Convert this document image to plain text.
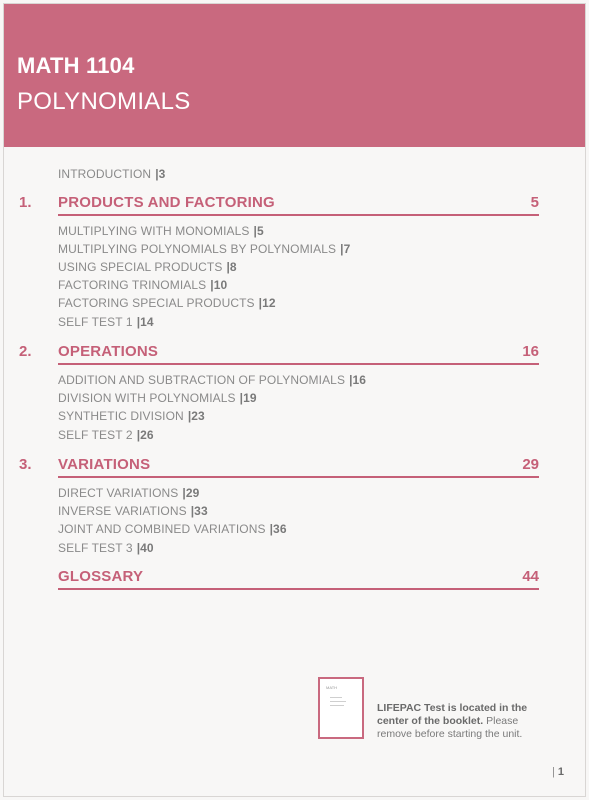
MATH 1104
POLYNOMIALS
INTRODUCTION |3
1. PRODUCTS AND FACTORING	5
MULTIPLYING WITH MONOMIALS |5
MULTIPLYING POLYNOMIALS BY POLYNOMIALS |7
USING SPECIAL PRODUCTS |8
FACTORING TRINOMIALS |10
FACTORING SPECIAL PRODUCTS |12
SELF TEST 1 |14
2. OPERATIONS	16
ADDITION AND SUBTRACTION OF POLYNOMIALS |16
DIVISION WITH POLYNOMIALS |19
SYNTHETIC DIVISION |23
SELF TEST 2 |26
3. VARIATIONS	29
DIRECT VARIATIONS |29
INVERSE VARIATIONS |33
JOINT AND COMBINED VARIATIONS |36
SELF TEST 3 |40
GLOSSARY	44
MATH
LIFEPAC Test is located in the center of the booklet. Please remove before starting the unit.
| 1
